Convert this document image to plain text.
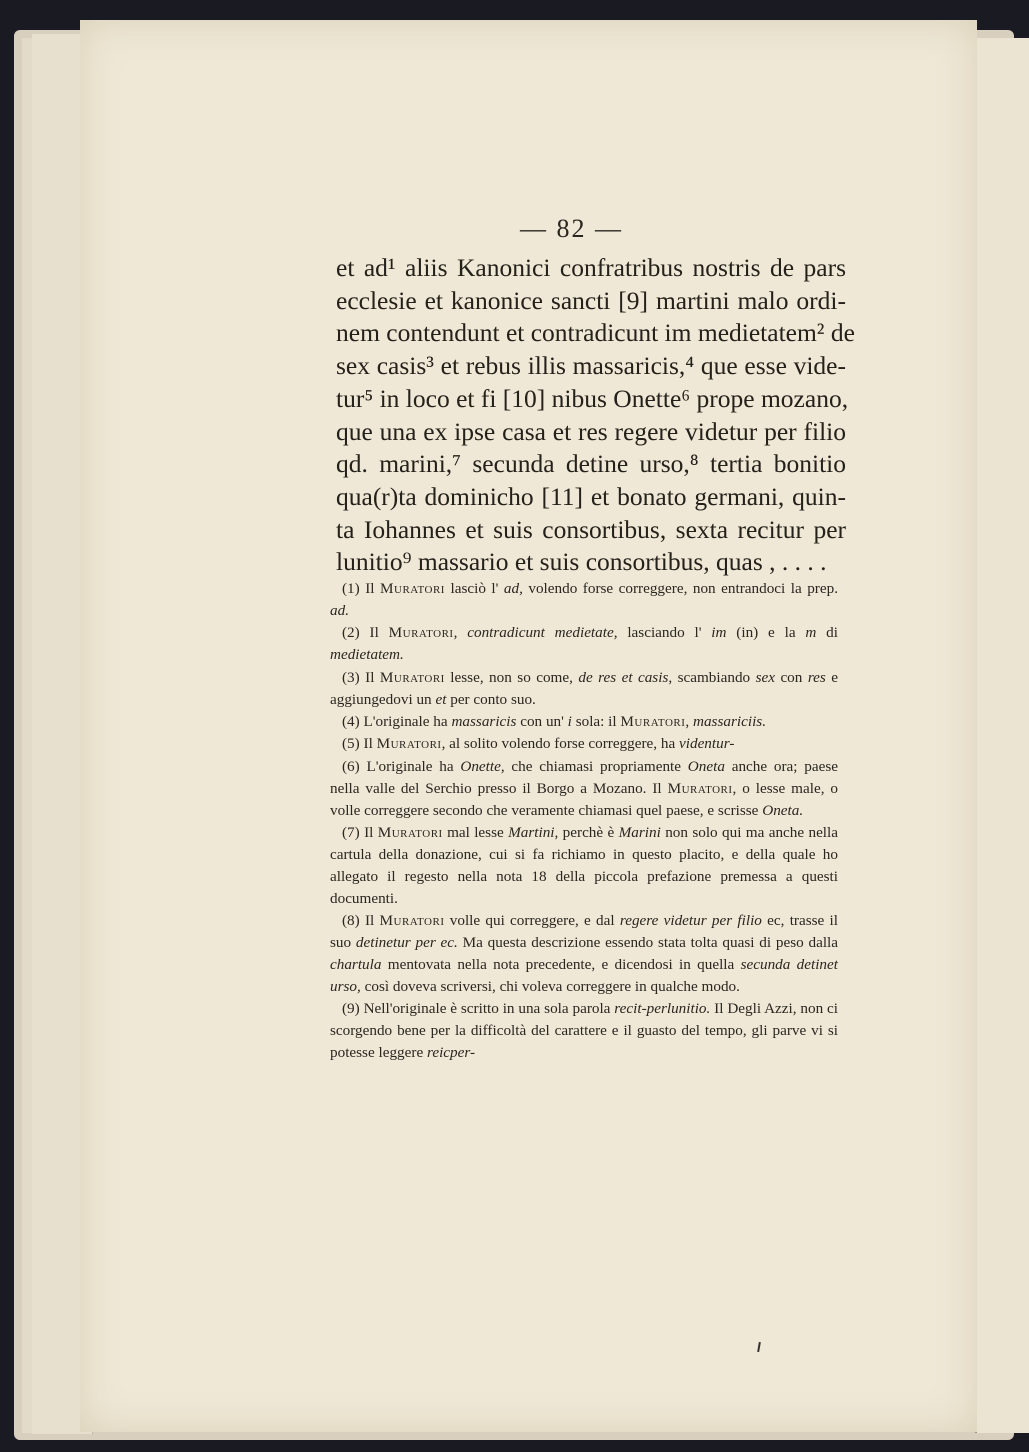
— 82 —
et ad¹ aliis Kanonici confratribus nostris de pars
ecclesie et kanonice sancti [9] martini malo ordi-
nem contendunt et contradicunt im medietatem² de
sex casis³ et rebus illis massaricis,⁴ que esse vide-
tur⁵ in loco et fi [10] nibus Onette⁶ prope mozano,
que una ex ipse casa et res regere videtur per filio
qd. marini,⁷ secunda detine urso,⁸ tertia bonitio
qua(r)ta dominicho [11] et bonato germani, quin-
ta Iohannes et suis consortibus, sexta recitur per
lunitio⁹ massario et suis consortibus, quas , . . . .
(1) Il Muratori lasciò l' ad, volendo forse correggere, non entrandoci la prep. ad.
(2) Il Muratori, contradicunt medietate, lasciando l' im (in) e la m di medietatem.
(3) Il Muratori lesse, non so come, de res et casis, scambiando sex con res e aggiungedovi un et per conto suo.
(4) L'originale ha massaricis con un' i sola: il Muratori, massariciis.
(5) Il Muratori, al solito volendo forse correggere, ha videntur-
(6) L'originale ha Onette, che chiamasi propriamente Oneta anche ora; paese nella valle del Serchio presso il Borgo a Mozano. Il Muratori, o lesse male, o volle correggere secondo che veramente chiamasi quel paese, e scrisse Oneta.
(7) Il Muratori mal lesse Martini, perchè è Marini non solo qui ma anche nella cartula della donazione, cui si fa richiamo in questo placito, e della quale ho allegato il regesto nella nota 18 della piccola prefazione premessa a questi documenti.
(8) Il Muratori volle qui correggere, e dal regere videtur per filio ec, trasse il suo detinetur per ec. Ma questa descrizione essendo stata tolta quasi di peso dalla chartula mentovata nella nota precedente, e dicendosi in quella secunda detinet urso, così doveva scriversi, chi voleva correggere in qualche modo.
(9) Nell'originale è scritto in una sola parola recit-perlunitio. Il Degli Azzi, non ci scorgendo bene per la difficoltà del carattere e il guasto del tempo, gli parve vi si potesse leggere reicper-
